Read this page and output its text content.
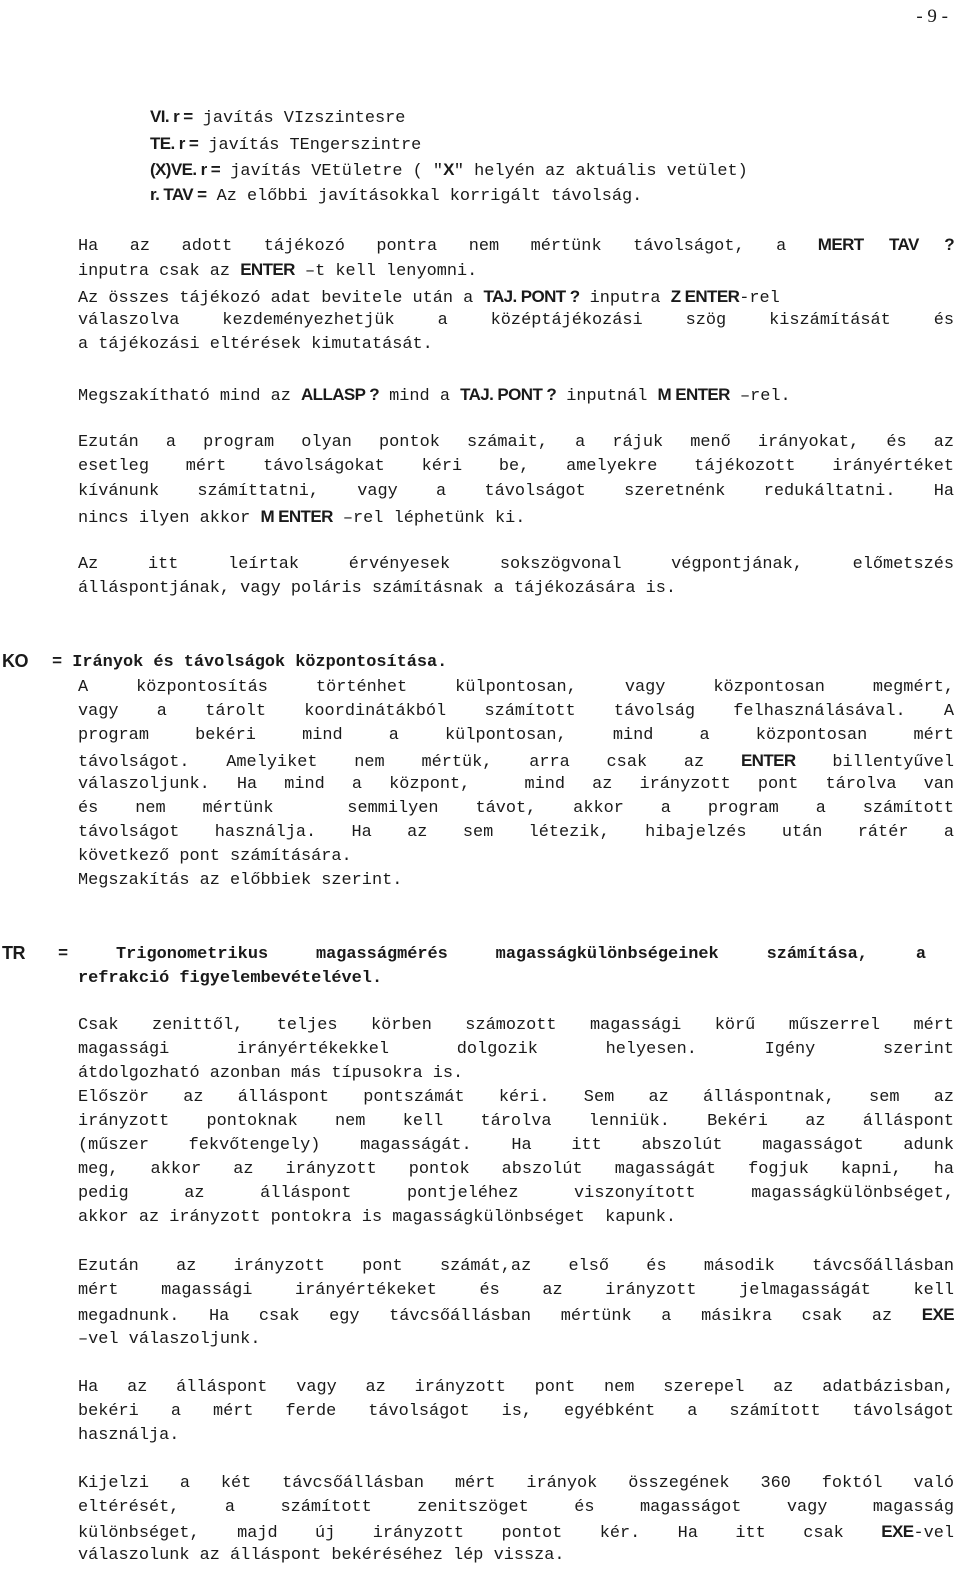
- 9 -
VI. r = javítás VIzszintesre
TE. r = javítás TEngerszintre
(X)VE. r = javítás VEtületre ( "X" helyén az aktuális vetület)
r. TAV = Az előbbi javításokkal korrigált távolság.
Ha az adott tájékozó pontra nem mértünk távolságot, a MERT TAV ?
inputra csak az ENTER –t kell lenyomni.
Az összes tájékozó adat bevitele után a TAJ. PONT ? inputra Z ENTER-rel
válaszolva kezdeményezhetjük a középtájékozási szög kiszámítását és
a tájékozási eltérések kimutatását.
Megszakítható mind az ALLASP ? mind a TAJ. PONT ? inputnál M ENTER –rel.
Ezután a program olyan pontok számait, a rájuk menő irányokat, és az
esetleg mért távolságokat kéri be, amelyekre tájékozott irányértéket
kívánunk számíttatni, vagy a távolságot szeretnénk redukáltatni. Ha
nincs ilyen akkor M ENTER –rel léphetünk ki.
Az itt leírtak érvényesek sokszögvonal végpontjának, előmetszés
álláspontjának, vagy poláris számításnak a tájékozására is.
KO = Irányok és távolságok központosítása.
A központosítás történhet külpontosan, vagy központosan megmért,
vagy a tárolt koordinátákból számított távolság felhasználásával. A
program bekéri mind a külpontosan, mind a központosan mért
távolságot. Amelyiket nem mértük, arra csak az ENTER billentyűvel
válaszoljunk. Ha mind a központ,  mind az irányzott pont tárolva van
és nem mértünk  semmilyen távot, akkor a program a számított
távolságot használja. Ha az sem létezik, hibajelzés után rátér a
következő pont számítására.
Megszakítás az előbbiek szerint.
TR = Trigonometrikus magasságmérés magasságkülönbségeinek számítása, a
refrakció figyelembevételével.
Csak zenittől, teljes körben számozott magassági körű műszerrel mért
magassági irányértékekkel dolgozik helyesen. Igény szerint
átdolgozható azonban más típusokra is.
Először az álláspont pontszámát kéri. Sem az álláspontnak, sem az
irányzott pontoknak nem kell tárolva lenniük. Bekéri az álláspont
(műszer fekvőtengely) magasságát. Ha itt abszolút magasságot adunk
meg, akkor az irányzott pontok abszolút magasságát fogjuk kapni, ha
pedig az álláspont pontjeléhez viszonyított magasságkülönbséget,
akkor az irányzott pontokra is magasságkülönbséget  kapunk.
Ezután az irányzott pont számát,az első és második távcsőállásban
mért magassági irányértékeket és az irányzott jelmagasságát kell
megadnunk. Ha csak egy távcsőállásban mértünk a másikra csak az EXE
–vel válaszoljunk.
Ha az álláspont vagy az irányzott pont nem szerepel az adatbázisban,
bekéri a mért ferde távolságot is, egyébként a számított távolságot
használja.
Kijelzi a két távcsőállásban mért irányok összegének 360 foktól való
eltérését, a számított zenitszöget és magasságot vagy magasság
különbséget, majd új irányzott pontot kér. Ha itt csak EXE-vel
válaszolunk az álláspont bekéréséhez lép vissza.
